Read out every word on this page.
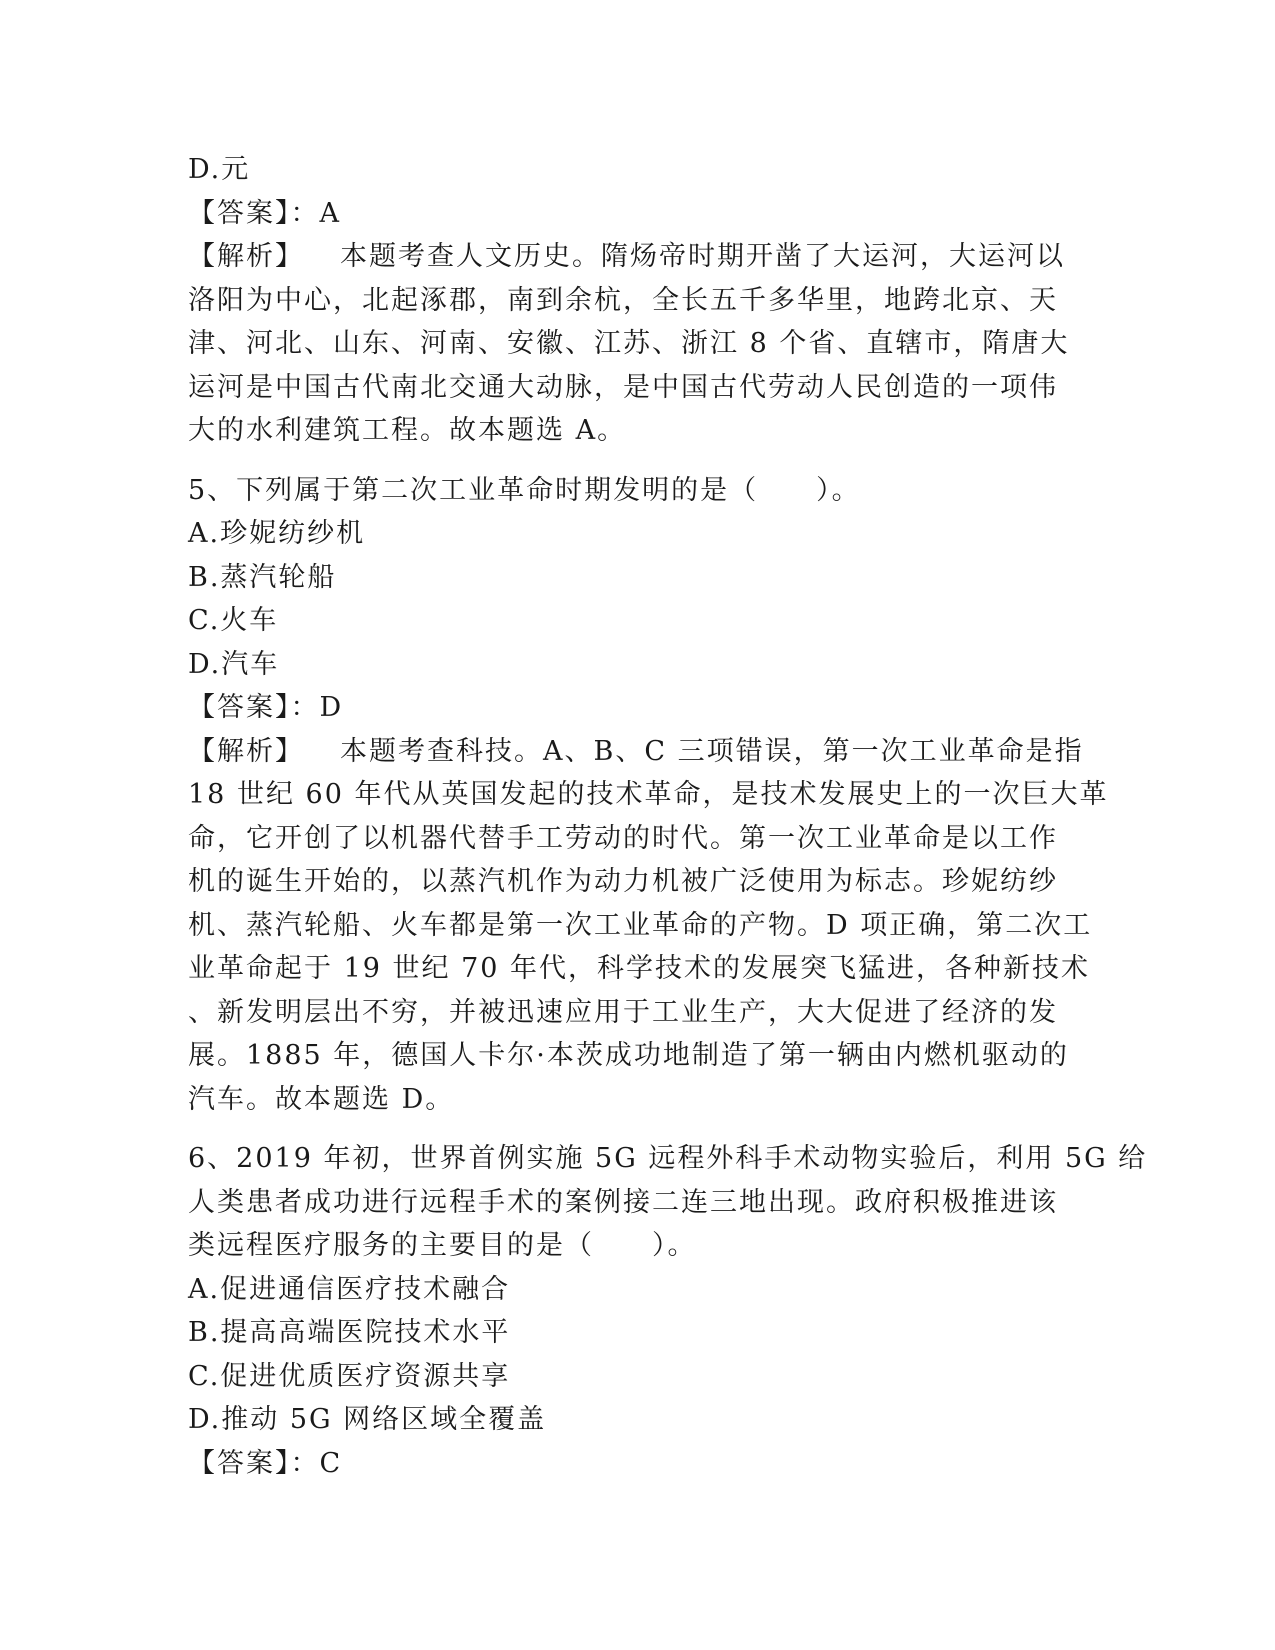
D.元
【答案】：A
【解析】 本题考查人文历史。隋炀帝时期开凿了大运河，大运河以
洛阳为中心，北起涿郡，南到余杭，全长五千多华里，地跨北京、天
津、河北、山东、河南、安徽、江苏、浙江 8 个省、直辖市，隋唐大
运河是中国古代南北交通大动脉，是中国古代劳动人民创造的一项伟
大的水利建筑工程。故本题选 A。
5、下列属于第二次工业革命时期发明的是（　　）。
A.珍妮纺纱机
B.蒸汽轮船
C.火车
D.汽车
【答案】：D
【解析】 本题考查科技。A、B、C 三项错误，第一次工业革命是指
18 世纪 60 年代从英国发起的技术革命，是技术发展史上的一次巨大革
命，它开创了以机器代替手工劳动的时代。第一次工业革命是以工作
机的诞生开始的，以蒸汽机作为动力机被广泛使用为标志。珍妮纺纱
机、蒸汽轮船、火车都是第一次工业革命的产物。D 项正确，第二次工
业革命起于 19 世纪 70 年代，科学技术的发展突飞猛进，各种新技术
、新发明层出不穷，并被迅速应用于工业生产，大大促进了经济的发
展。1885 年，德国人卡尔·本茨成功地制造了第一辆由内燃机驱动的
汽车。故本题选 D。
6、2019 年初，世界首例实施 5G 远程外科手术动物实验后，利用 5G 给
人类患者成功进行远程手术的案例接二连三地出现。政府积极推进该
类远程医疗服务的主要目的是（　　）。
A.促进通信医疗技术融合
B.提高高端医院技术水平
C.促进优质医疗资源共享
D.推动 5G 网络区域全覆盖
【答案】：C
